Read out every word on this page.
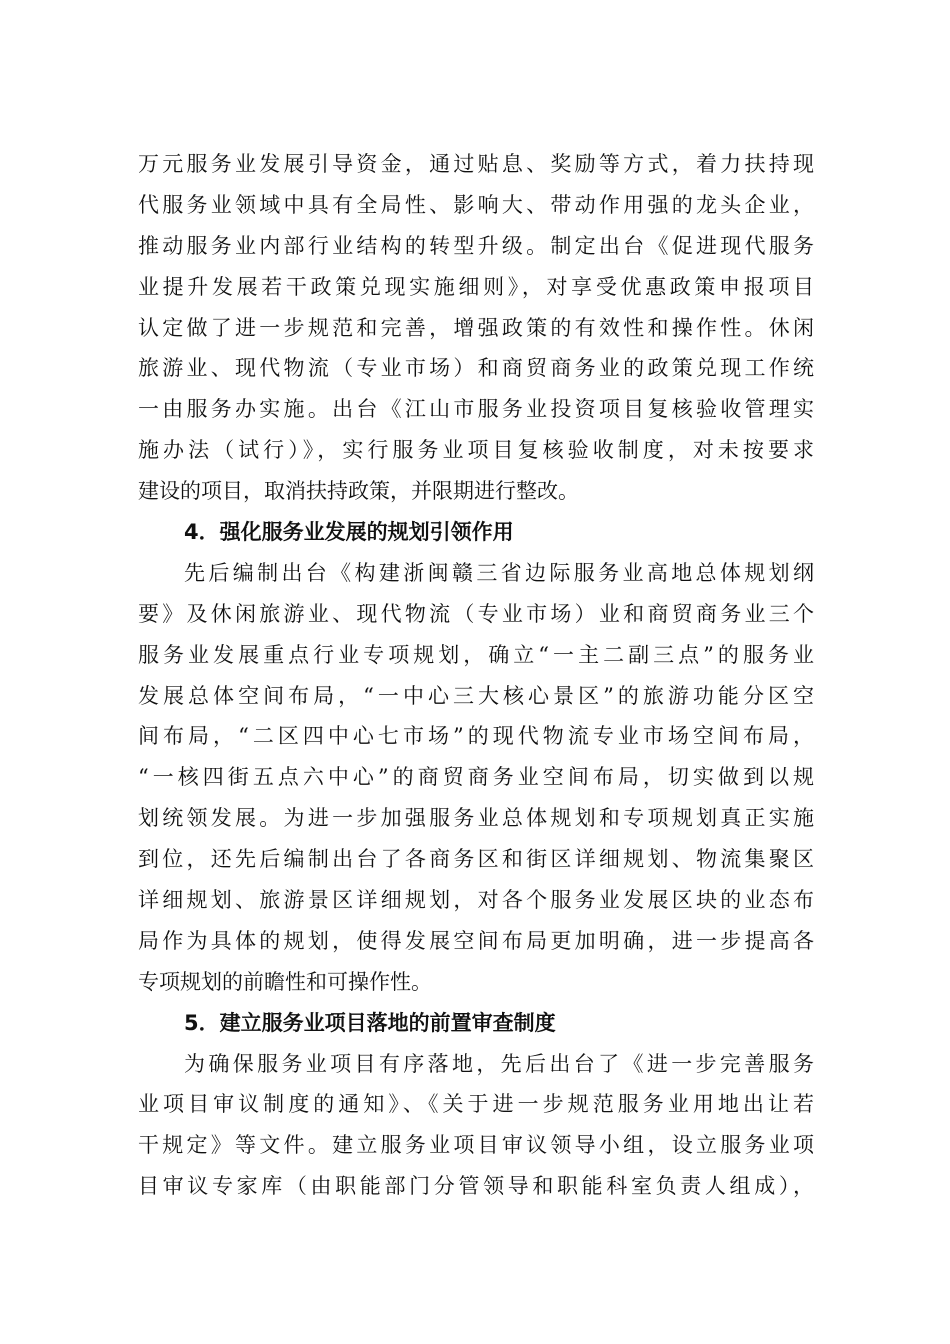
万元服务业发展引导资金，通过贴息、奖励等方式，着力扶持现
代服务业领域中具有全局性、影响大、带动作用强的龙头企业，
推动服务业内部行业结构的转型升级。制定出台《促进现代服务
业提升发展若干政策兑现实施细则》，对享受优惠政策申报项目
认定做了进一步规范和完善，增强政策的有效性和操作性。休闲
旅游业、现代物流（专业市场）和商贸商务业的政策兑现工作统
一由服务办实施。出台《江山市服务业投资项目复核验收管理实
施办法（试行）》，实行服务业项目复核验收制度，对未按要求
建设的项目，取消扶持政策，并限期进行整改。
4．强化服务业发展的规划引领作用
先后编制出台《构建浙闽赣三省边际服务业高地总体规划纲
要》及休闲旅游业、现代物流（专业市场）业和商贸商务业三个
服务业发展重点行业专项规划，确立“一主二副三点”的服务业
发展总体空间布局，“一中心三大核心景区”的旅游功能分区空
间布局，“二区四中心七市场”的现代物流专业市场空间布局，
“一核四街五点六中心”的商贸商务业空间布局，切实做到以规
划统领发展。为进一步加强服务业总体规划和专项规划真正实施
到位，还先后编制出台了各商务区和街区详细规划、物流集聚区
详细规划、旅游景区详细规划，对各个服务业发展区块的业态布
局作为具体的规划，使得发展空间布局更加明确，进一步提高各
专项规划的前瞻性和可操作性。
5．建立服务业项目落地的前置审查制度
为确保服务业项目有序落地，先后出台了《进一步完善服务
业项目审议制度的通知》、《关于进一步规范服务业用地出让若
干规定》等文件。建立服务业项目审议领导小组，设立服务业项
目审议专家库（由职能部门分管领导和职能科室负责人组成），
